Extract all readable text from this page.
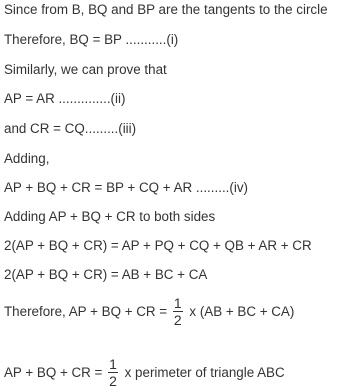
Since from B, BQ and BP are the tangents to the circle
Therefore, BQ = BP ...........(i)
Similarly, we can prove that
AP = AR ..............(ii)
and CR = CQ.........(iii)
Adding,
AP + BQ + CR = BP + CQ + AR .........(iv)
Adding AP + BQ + CR to both sides
2(AP + BQ + CR) = AP + PQ + CQ + QB + AR + CR
2(AP + BQ + CR) = AB + BC + CA
Therefore, AP + BQ + CR = $\frac{1}{2}$ x (AB + BC + CA)
AP + BQ + CR = $\frac{1}{2}$ x perimeter of triangle ABC
